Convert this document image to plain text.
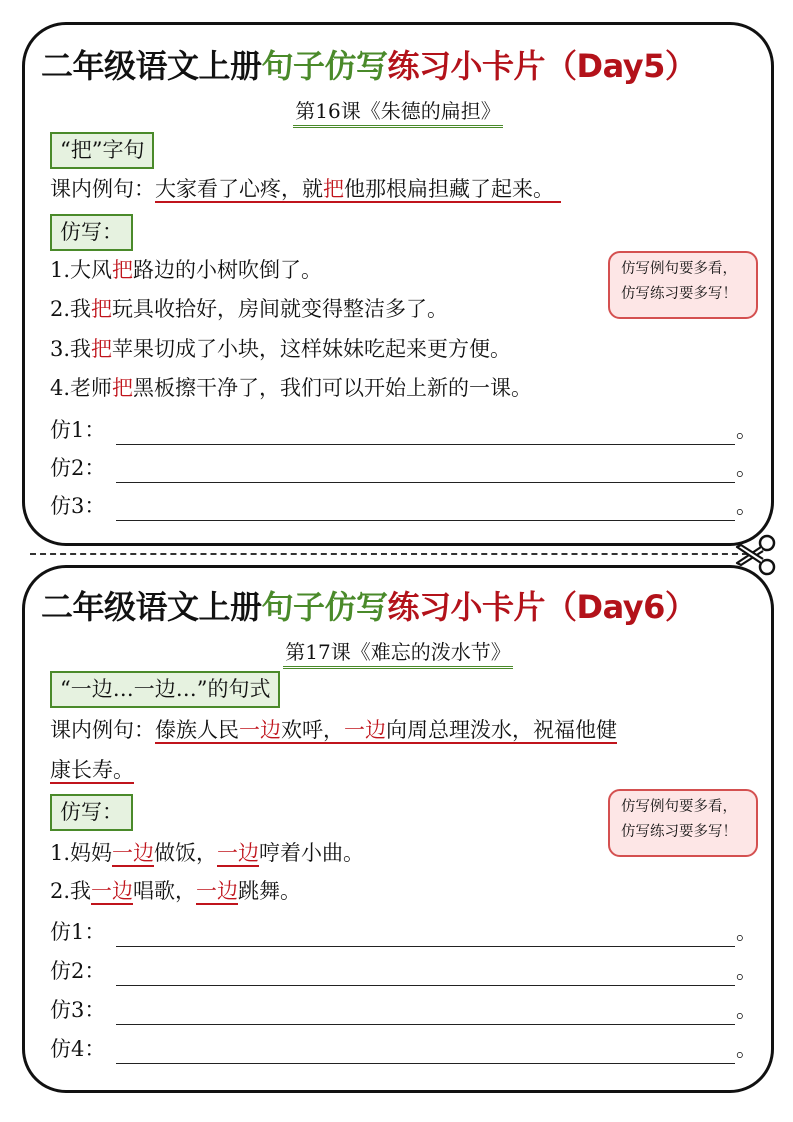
二年级语文上册句子仿写练习小卡片（Day5）
第16课《朱德的扁担》
“把”字句
课内例句：大家看了心疼，就把他那根扁担藏了起来。
仿写：
1.大风把路边的小树吹倒了。
2.我把玩具收拾好，房间就变得整洁多了。
3.我把苹果切成了小块，这样妹妹吃起来更方便。
4.老师把黑板擦干净了，我们可以开始上新的一课。
仿写例句要多看，
仿写练习要多写！
仿1：	。
仿2：	。
仿3：	。
二年级语文上册句子仿写练习小卡片（Day6）
第17课《难忘的泼水节》
“一边…一边…”的句式
课内例句：傣族人民一边欢呼，一边向周总理泼水，祝福他健
康长寿。
仿写：
1.妈妈一边做饭，一边哼着小曲。
2.我一边唱歌，一边跳舞。
仿写例句要多看，
仿写练习要多写！
仿1：	。
仿2：	。
仿3：	。
仿4：	。
